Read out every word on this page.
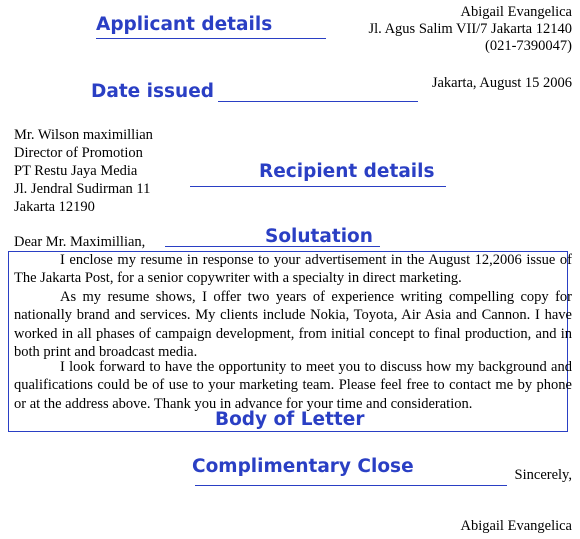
Abigail Evangelica
Jl. Agus Salim VII/7 Jakarta 12140
(021-7390047)
Applicant details
Jakarta, August 15 2006
Date issued
Mr. Wilson maximillian
Director of Promotion
PT Restu Jaya Media
Jl. Jendral Sudirman 11
Jakarta 12190
Recipient details
Dear Mr. Maximillian,	Solutation

I enclose my resume in response to your advertisement in the August 12,2006 issue of The Jakarta Post, for a senior copywriter with a specialty in direct marketing.

As my resume shows, I offer two years of experience writing compelling copy for nationally brand and services. My clients include Nokia, Toyota, Air Asia and Cannon. I have worked in all phases of campaign development, from initial concept to final production, and in both print and broadcast media.

I look forward to have the opportunity to meet you to discuss how my background and qualifications could be of use to your marketing team. Please feel free to contact me by phone or at the address above. Thank you in advance for your time and consideration.

Body of Letter
Complimentary Close	Sincerely,
Abigail Evangelica
